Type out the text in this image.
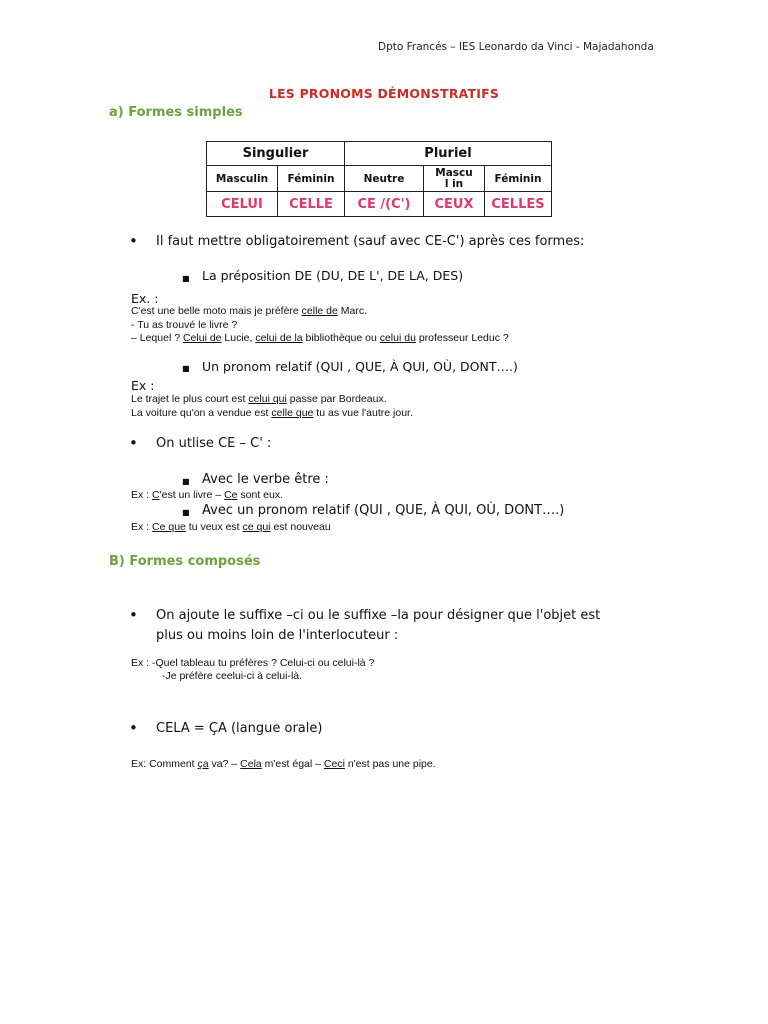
Dpto Francés – IES Leonardo da Vinci - Majadahonda
LES PRONOMS DÉMONSTRATIFS
a) Formes simples
Singulier		Pluriel		
Masculin	Féminin	Neutre	Mascul in	Féminin
CELUI	CELLE	CE /(C')	CEUX	CELLES
• Il faut mettre obligatoirement (sauf avec CE-C') après ces formes:
■ La préposition DE (DU, DE L', DE LA, DES)
Ex. :
C'est une belle moto mais je préfère celle de Marc.
- Tu as trouvé le livre ?
– Lequel ? Celui de Lucie, celui de la bibliothèque ou celui du professeur Leduc ?
■ Un pronom relatif (QUI , QUE, À QUI, OÙ, DONT….)
Ex :
Le trajet le plus court est celui qui passe par Bordeaux.
La voiture qu'on a vendue est celle que tu as vue l'autre jour.
• On utlise CE – C' :
■ Avec le verbe être :
Ex : C'est un livre – Ce sont eux.
■ Avec un pronom relatif (QUI , QUE, À QUI, OÙ, DONT….)
Ex : Ce que tu veux est ce qui est nouveau
B) Formes composés
• On ajoute le suffixe –ci ou le suffixe –la pour désigner que l'objet est
plus ou moins loin de l'interlocuteur :
Ex : -Quel tableau tu préfères ? Celui-ci ou celui-là ?
-Je préfère ceelui-ci à celui-là.
• CELA = ÇA (langue orale)
Ex: Comment ça va? – Cela m'est égal – Ceci n'est pas une pipe.
